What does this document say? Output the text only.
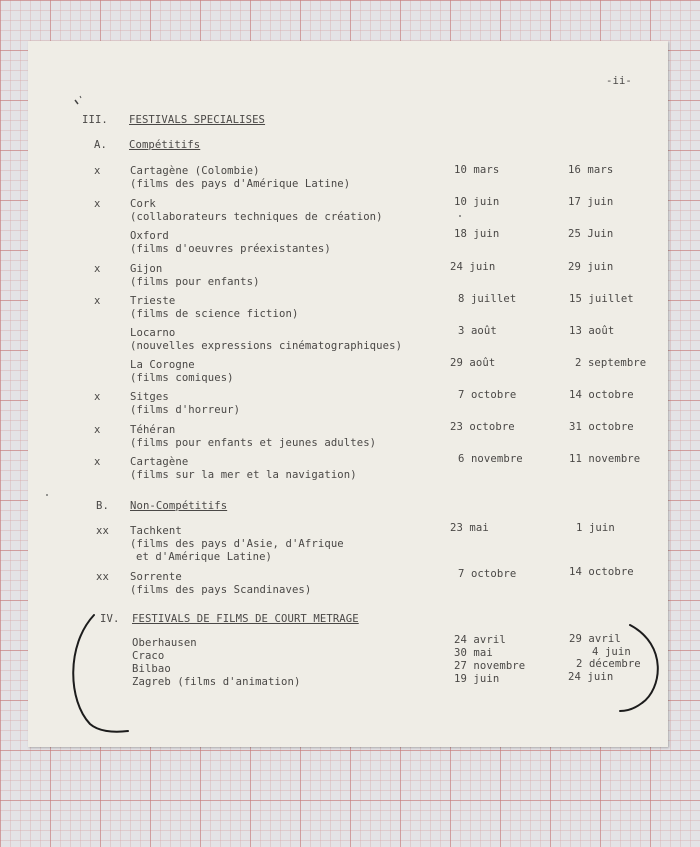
-ii-
III. FESTIVALS SPECIALISES
A. Compétitifs
x	Cartagène (Colombie)
(films des pays d'Amérique Latine)
10 mars	16 mars
x	Cork
(collaborateurs techniques de création)
10 juin	17 juin
Oxford
(films d'oeuvres préexistantes)
18 juin	25 Juin
x	Gijon
(films pour enfants)
24 juin	29 juin
x	Trieste
(films de science fiction)
8 juillet	15 juillet
Locarno
(nouvelles expressions cinématographiques)
3 août	13 août
La Corogne
(films comiques)
29 août	2 septembre
x	Sitges
(films d'horreur)
7 octobre	14 octobre
x	Téhéran
(films pour enfants et jeunes adultes)
23 octobre	31 octobre
x	Cartagène
(films sur la mer et la navigation)
6 novembre	11 novembre
B. Non-Compétitifs
xx Tachkent
(films des pays d'Asie, d'Afrique
et d'Amérique Latine)
23 mai	1 juin
xx Sorrente
(films des pays Scandinaves)
7 octobre	14 octobre
IV. FESTIVALS DE FILMS DE COURT METRAGE
Oberhausen	24 avril	29 avril
Craco	30 mai	4 juin
Bilbao	27 novembre	2 décembre
Zagreb (films d'animation)	19 juin	24 juin
